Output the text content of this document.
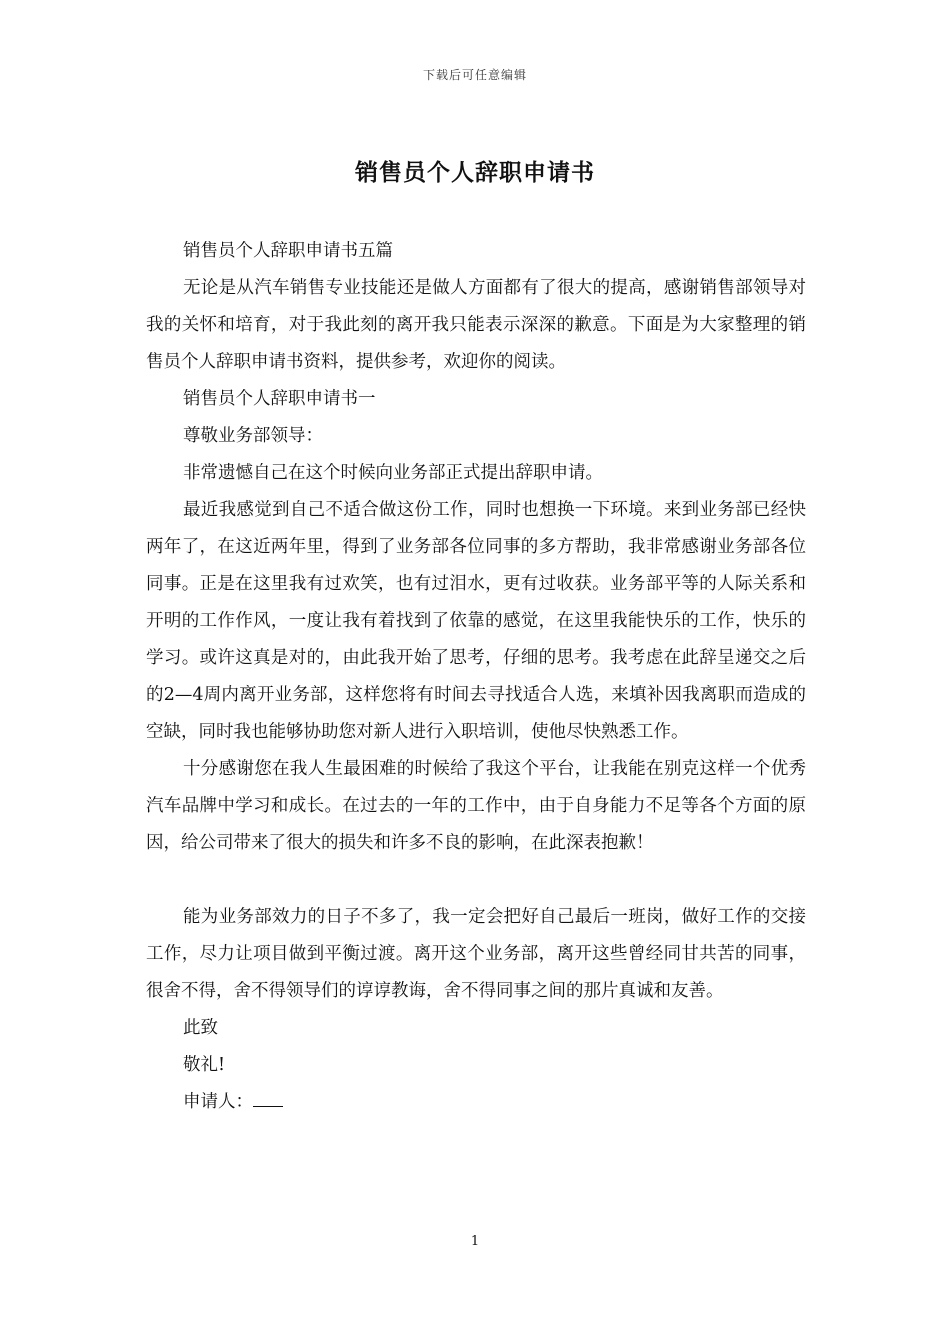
下载后可任意编辑
销售员个人辞职申请书

销售员个人辞职申请书五篇

无论是从汽车销售专业技能还是做人方面都有了很大的提高，感谢销售部领导对我的关怀和培育，对于我此刻的离开我只能表示深深的歉意。下面是为大家整理的销售员个人辞职申请书资料，提供参考，欢迎你的阅读。

销售员个人辞职申请书一

尊敬业务部领导：

非常遗憾自己在这个时候向业务部正式提出辞职申请。

最近我感觉到自己不适合做这份工作，同时也想换一下环境。来到业务部已经快两年了，在这近两年里，得到了业务部各位同事的多方帮助，我非常感谢业务部各位同事。正是在这里我有过欢笑，也有过泪水，更有过收获。业务部平等的人际关系和开明的工作作风，一度让我有着找到了依靠的感觉，在这里我能快乐的工作，快乐的学习。或许这真是对的，由此我开始了思考，仔细的思考。我考虑在此辞呈递交之后的2—4周内离开业务部，这样您将有时间去寻找适合人选，来填补因我离职而造成的空缺，同时我也能够协助您对新人进行入职培训，使他尽快熟悉工作。

十分感谢您在我人生最困难的时候给了我这个平台，让我能在别克这样一个优秀汽车品牌中学习和成长。在过去的一年的工作中，由于自身能力不足等各个方面的原因，给公司带来了很大的损失和许多不良的影响，在此深表抱歉！

能为业务部效力的日子不多了，我一定会把好自己最后一班岗，做好工作的交接工作，尽力让项目做到平衡过渡。离开这个业务部，离开这些曾经同甘共苦的同事，很舍不得，舍不得领导们的谆谆教诲，舍不得同事之间的那片真诚和友善。

此致

敬礼!

申请人：

1
